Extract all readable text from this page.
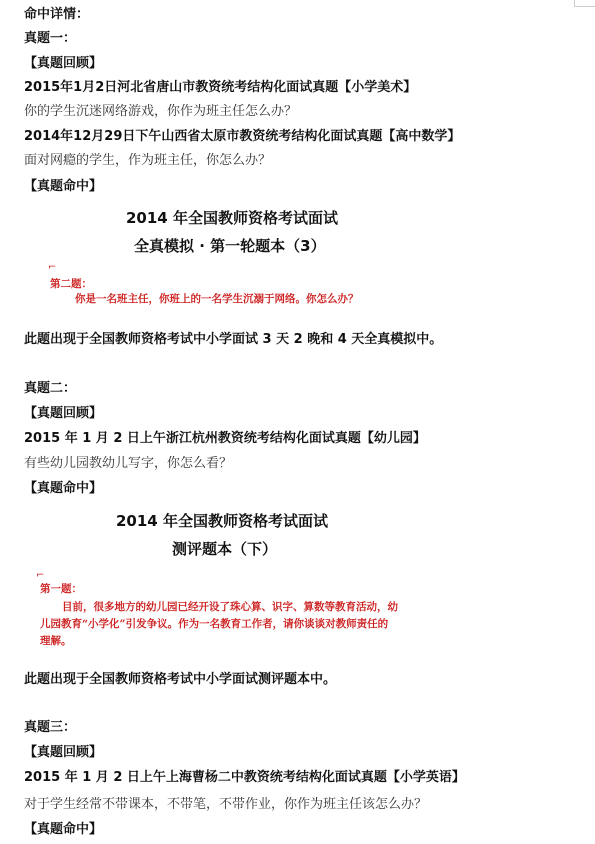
命中详情：
真题一：
【真题回顾】
2015年1月2日河北省唐山市教资统考结构化面试真题【小学美术】
你的学生沉迷网络游戏，你作为班主任怎么办？
2014年12月29日下午山西省太原市教资统考结构化面试真题【高中数学】
面对网瘾的学生，作为班主任，你怎么办？
【真题命中】
2014 年全国教师资格考试面试
全真模拟 · 第一轮题本（3）
⌐
第二题：
你是一名班主任，你班上的一名学生沉溺于网络。你怎么办？
此题出现于全国教师资格考试中小学面试 3 天 2 晚和 4 天全真模拟中。
真题二：
【真题回顾】
2015 年 1 月 2 日上午浙江杭州教资统考结构化面试真题【幼儿园】
有些幼儿园教幼儿写字，你怎么看？
【真题命中】
2014 年全国教师资格考试面试
测评题本（下）
⌐
第一题：
目前，很多地方的幼儿园已经开设了珠心算、识字、算数等教育活动，幼
儿园教育“小学化”引发争议。作为一名教育工作者，请你谈谈对教师责任的
理解。
此题出现于全国教师资格考试中小学面试测评题本中。
真题三：
【真题回顾】
2015 年 1 月 2 日上午上海曹杨二中教资统考结构化面试真题【小学英语】
对于学生经常不带课本，不带笔，不带作业，你作为班主任该怎么办？
【真题命中】
